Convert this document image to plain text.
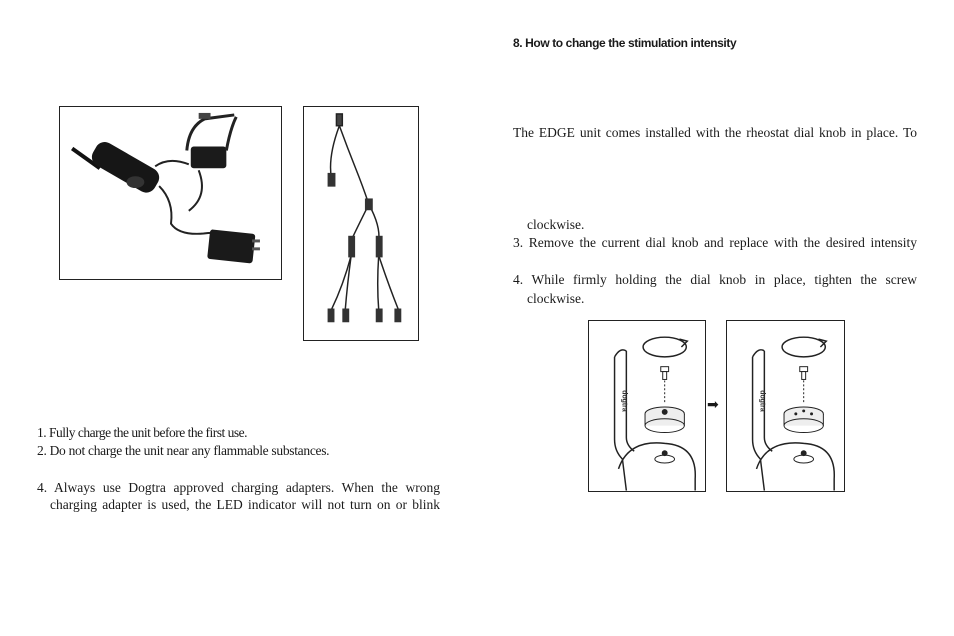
1. Fully charge the unit before the first use.
2. Do not charge the unit near any flammable substances.
4. Always use Dogtra approved charging adapters. When the wrong
charging adapter is used, the LED indicator will not turn on or blink
8. How to change the stimulation intensity
The EDGE unit comes installed with the rheostat dial knob in place. To
clockwise.
3. Remove the current dial knob and replace with the desired intensity
4. While firmly holding the dial knob in place, tighten the screw
clockwise.
dogtra	➡	dogtra
